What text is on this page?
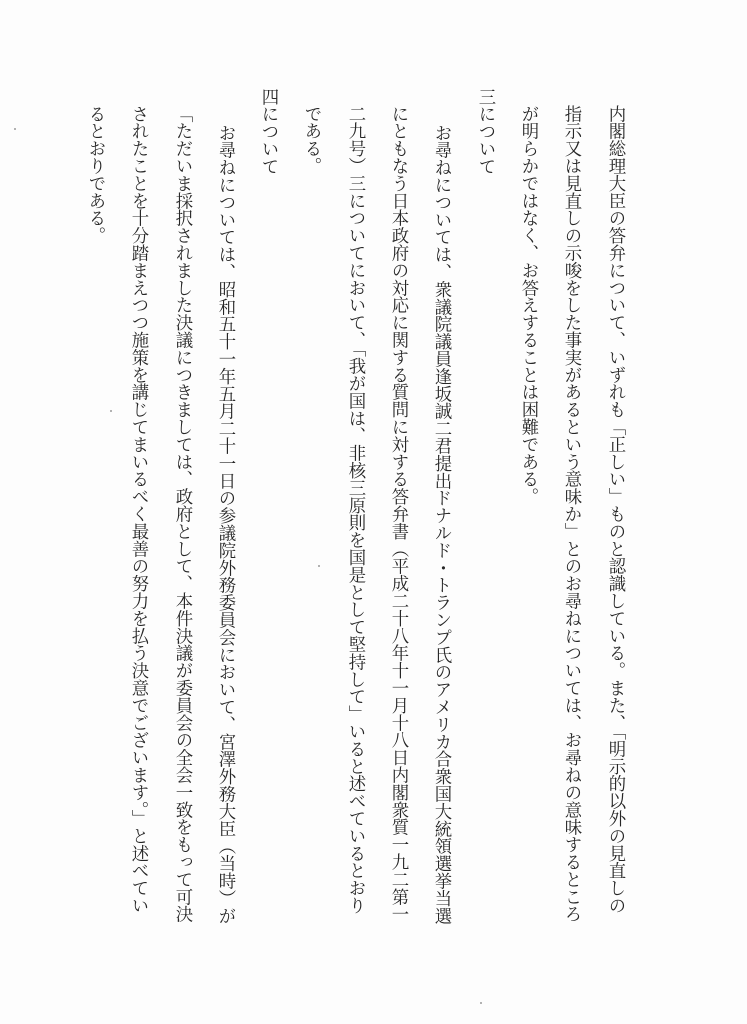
内閣総理大臣の答弁について、いずれも「正しい」ものと認識している。また、「明示的以外の見直しの
指示又は見直しの示唆をした事実があるという意味か」とのお尋ねについては、お尋ねの意味するところ
が明らかではなく、お答えすることは困難である。
三について
お尋ねについては、衆議院議員逢坂誠二君提出ドナルド・トランプ氏のアメリカ合衆国大統領選挙当選
にともなう日本政府の対応に関する質問に対する答弁書（平成二十八年十一月十八日内閣衆質一九二第一
二九号）三についてにおいて、「我が国は、非核三原則を国是として堅持して」いると述べているとおり
である。
四について
お尋ねについては、昭和五十一年五月二十一日の参議院外務委員会において、宮澤外務大臣（当時）が
「ただいま採択されました決議につきましては、政府として、本件決議が委員会の全会一致をもって可決
されたことを十分踏まえつつ施策を講じてまいるべく最善の努力を払う決意でございます。」と述べてい
るとおりである。
